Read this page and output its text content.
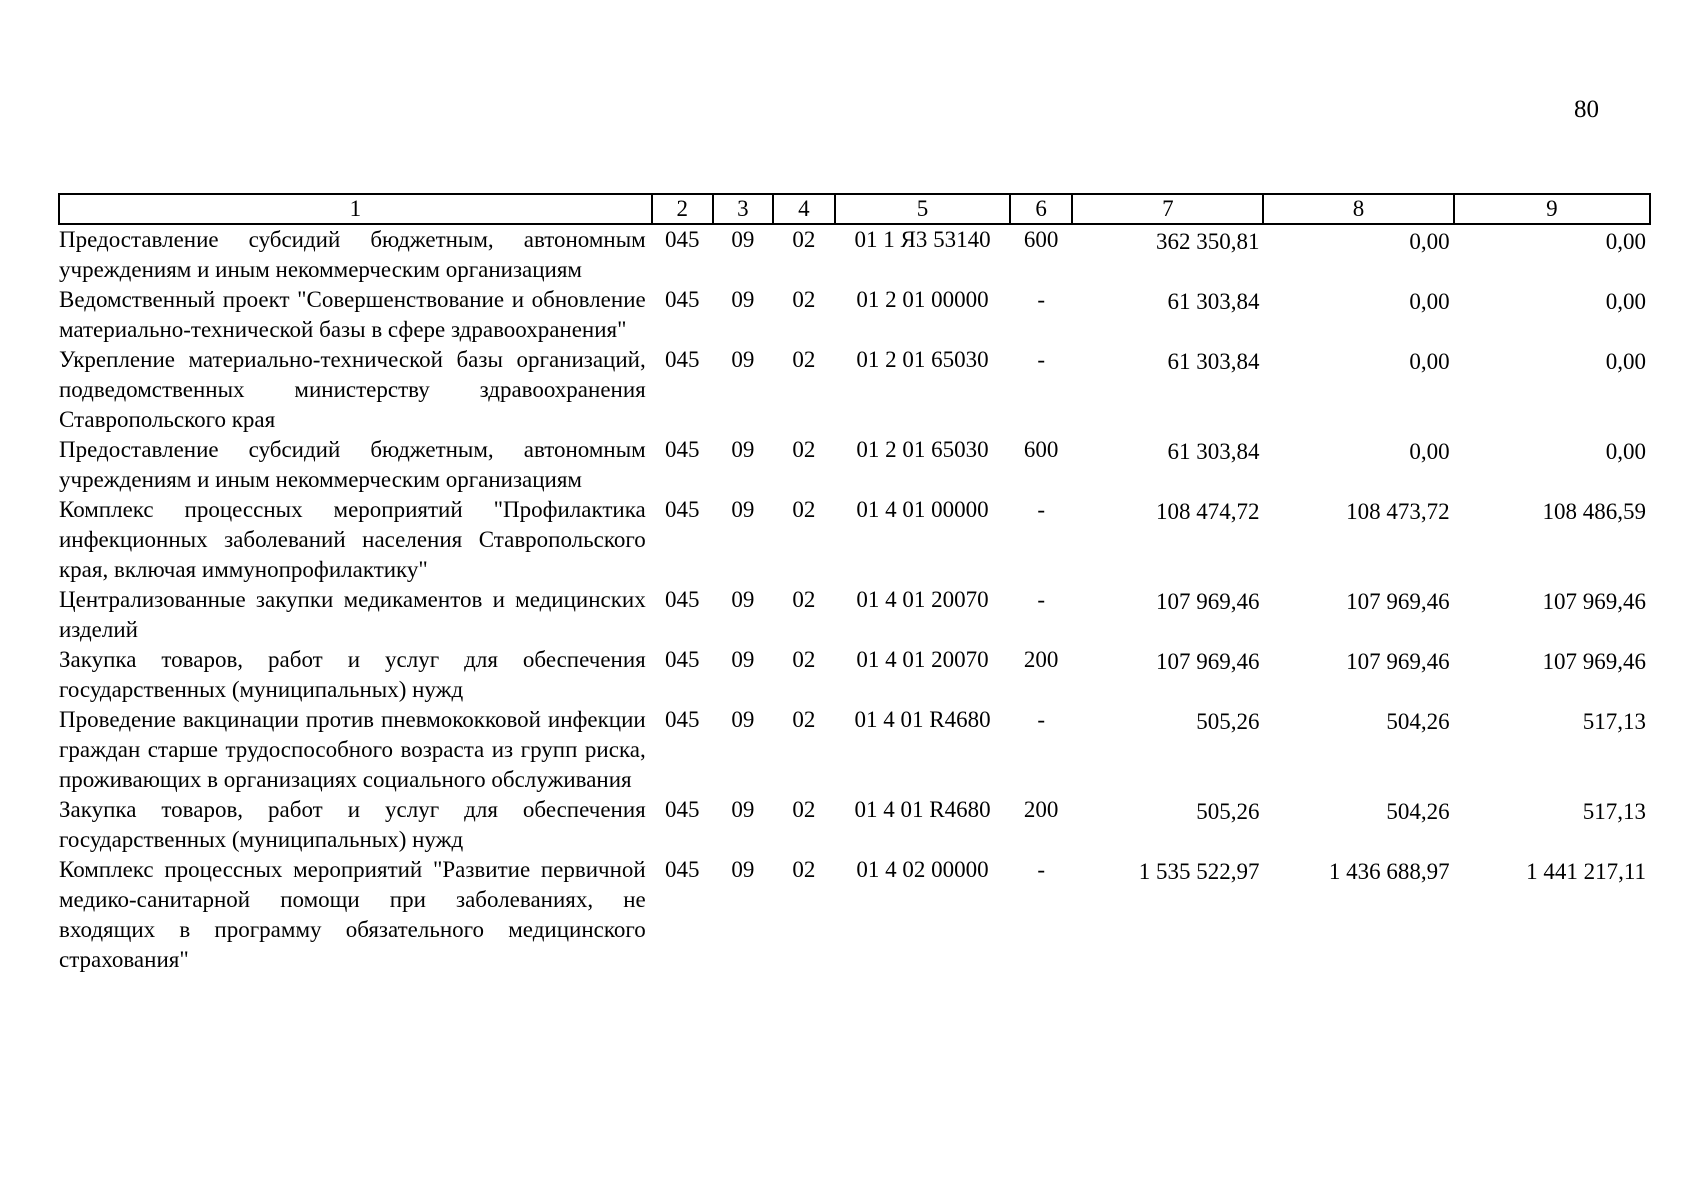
80
1	2	3	4	5	6	7	8	9
Предоставление субсидий бюджетным, автономным учреждениям и иным некоммерческим организациям	045	09	02	01 1 Я3 53140	600	362 350,81	0,00	0,00
Ведомственный проект "Совершенствование и обновление материально-технической базы в сфере здравоохранения"	045	09	02	01 2 01 00000	-	61 303,84	0,00	0,00
Укрепление материально-технической базы организаций, подведомственных министерству здравоохранения Ставропольского края	045	09	02	01 2 01 65030	-	61 303,84	0,00	0,00
Предоставление субсидий бюджетным, автономным учреждениям и иным некоммерческим организациям	045	09	02	01 2 01 65030	600	61 303,84	0,00	0,00
Комплекс процессных мероприятий "Профилактика инфекционных заболеваний населения Ставропольского края, включая иммунопрофилактику"	045	09	02	01 4 01 00000	-	108 474,72	108 473,72	108 486,59
Централизованные закупки медикаментов и медицинских изделий	045	09	02	01 4 01 20070	-	107 969,46	107 969,46	107 969,46
Закупка товаров, работ и услуг для обеспечения государственных (муниципальных) нужд	045	09	02	01 4 01 20070	200	107 969,46	107 969,46	107 969,46
Проведение вакцинации против пневмококковой инфекции граждан старше трудоспособного возраста из групп риска, проживающих в организациях социального обслуживания	045	09	02	01 4 01 R4680	-	505,26	504,26	517,13
Закупка товаров, работ и услуг для обеспечения государственных (муниципальных) нужд	045	09	02	01 4 01 R4680	200	505,26	504,26	517,13
Комплекс процессных мероприятий "Развитие первичной медико-санитарной помощи при заболеваниях, не входящих в программу обязательного медицинского страхования"	045	09	02	01 4 02 00000	-	1 535 522,97	1 436 688,97	1 441 217,11
